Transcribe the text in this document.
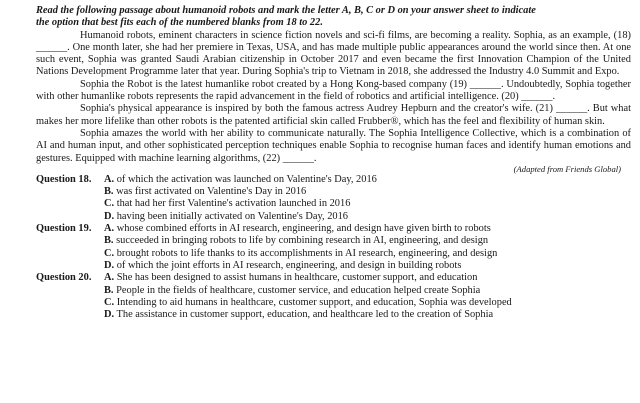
Read the following passage about humanoid robots and mark the letter A, B, C or D on your answer sheet to indicate
the option that best fits each of the numbered blanks from 18 to 22.

Humanoid robots, eminent characters in science fiction novels and sci-fi films, are becoming a reality. Sophia, as an example, (18) ______. One month later, she had her premiere in Texas, USA, and has made multiple public appearances around the world since then. At one such event, Sophia was granted Saudi Arabian citizenship in October 2017 and even became the first Innovation Champion of the United Nations Development Programme later that year. During Sophia's trip to Vietnam in 2018, she addressed the Industry 4.0 Summit and Expo.

Sophia the Robot is the latest humanlike robot created by a Hong Kong-based company (19) ______. Undoubtedly, Sophia together with other humanlike robots represents the rapid advancement in the field of robotics and artificial intelligence. (20) ______.

Sophia's physical appearance is inspired by both the famous actress Audrey Hepburn and the creator's wife. (21) ______. But what makes her more lifelike than other robots is the patented artificial skin called Frubber®, which has the feel and flexibility of human skin.

Sophia amazes the world with her ability to communicate naturally. The Sophia Intelligence Collective, which is a combination of AI and human input, and other sophisticated perception techniques enable Sophia to recognise human faces and identify human emotions and gestures. Equipped with machine learning algorithms, (22) ______.

(Adapted from Friends Global)

Question 18.	A. of which the activation was launched on Valentine's Day, 2016
B. was first activated on Valentine's Day in 2016
C. that had her first Valentine's activation launched in 2016
D. having been initially activated on Valentine's Day, 2016
Question 19.	A. whose combined efforts in AI research, engineering, and design have given birth to robots
B. succeeded in bringing robots to life by combining research in AI, engineering, and design
C. brought robots to life thanks to its accomplishments in AI research, engineering, and design
D. of which the joint efforts in AI research, engineering, and design in building robots
Question 20.	A. She has been designed to assist humans in healthcare, customer support, and education
B. People in the fields of healthcare, customer service, and education helped create Sophia
C. Intending to aid humans in healthcare, customer support, and education, Sophia was developed
D. The assistance in customer support, education, and healthcare led to the creation of Sophia
